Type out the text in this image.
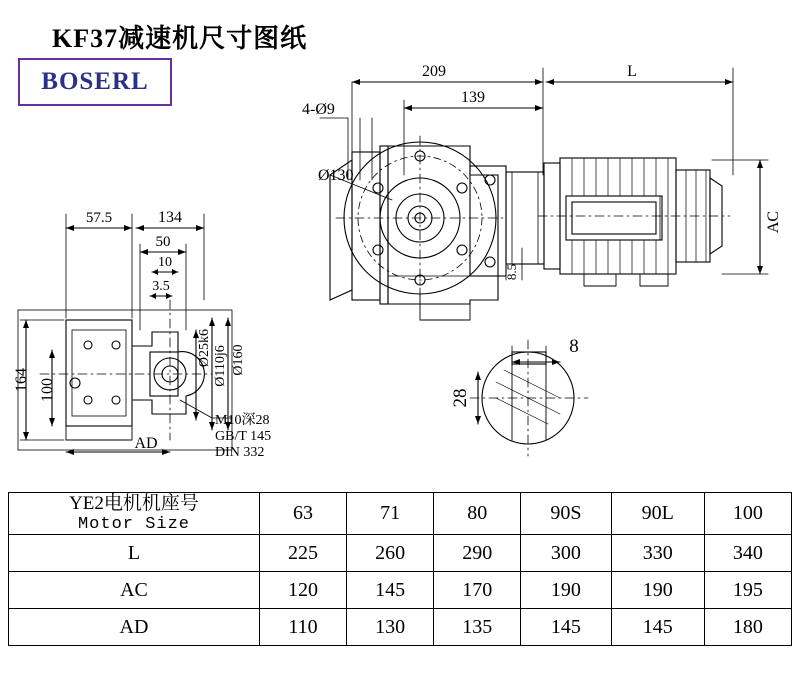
KF37减速机尺寸图纸
BOSERL	209	L
139
4-Ø9
Ø130
AC
8.5
57.5	134
50
10
3.5
Ø25k6 Ø110j6 Ø160
164 100
AD
M10深28
GB/T 145
DIN 332
8
28
YE2电机机座号
Motor Size	63	71	80	90S	90L	100
L	225	260	290	300	330	340
AC	120	145	170	190	190	195
AD	110	130	135	145	145	180
